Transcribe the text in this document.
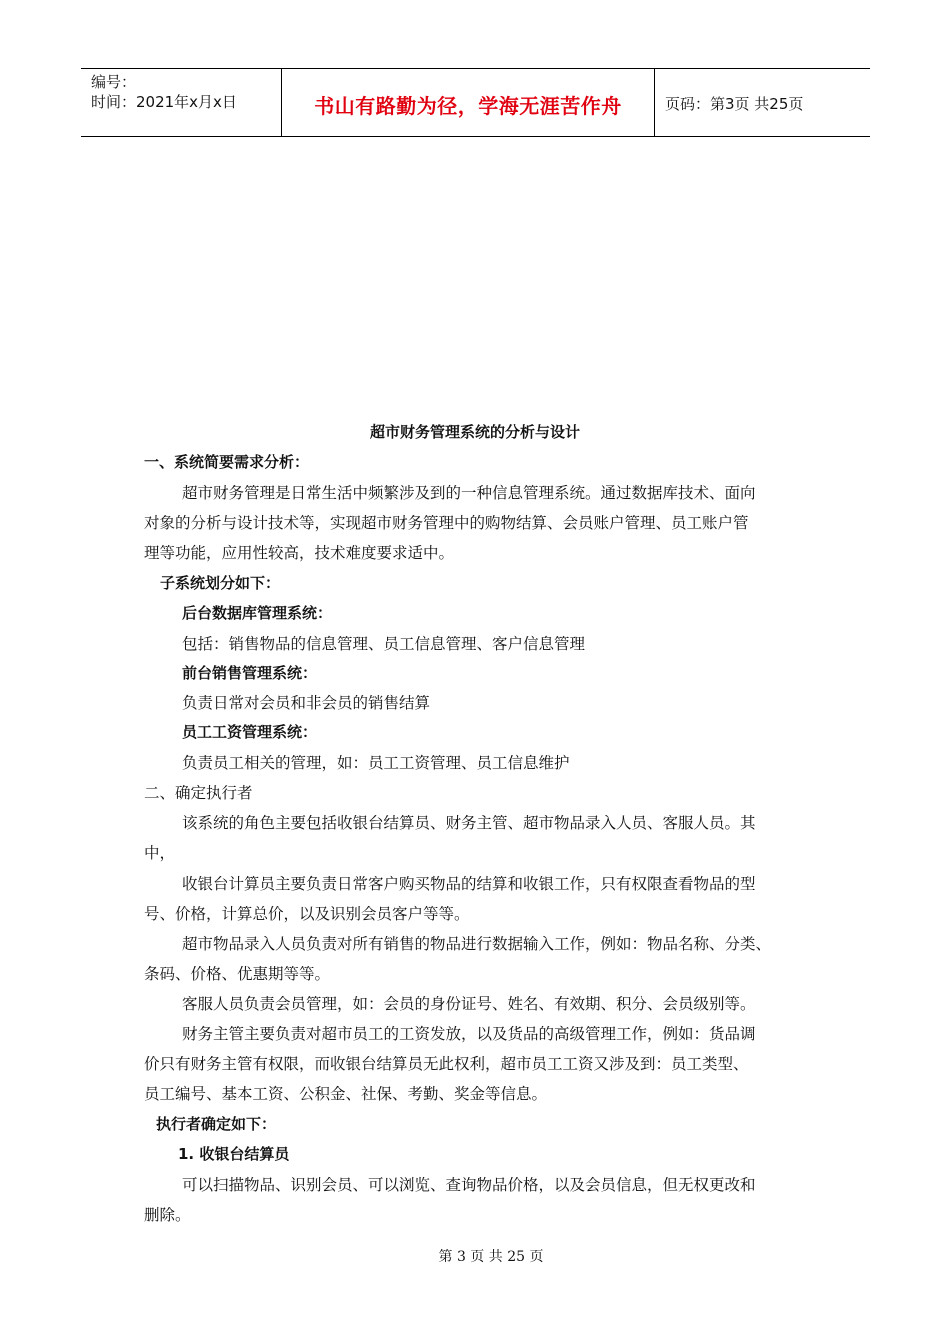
编号：
时间：2021年x月x日	书山有路勤为径，学海无涯苦作舟	页码：第3页 共25页
超市财务管理系统的分析与设计
一、系统简要需求分析：
超市财务管理是日常生活中频繁涉及到的一种信息管理系统。通过数据库技术、面向
对象的分析与设计技术等，实现超市财务管理中的购物结算、会员账户管理、员工账户管
理等功能，应用性较高，技术难度要求适中。
子系统划分如下：
后台数据库管理系统：
包括：销售物品的信息管理、员工信息管理、客户信息管理
前台销售管理系统：
负责日常对会员和非会员的销售结算
员工工资管理系统：
负责员工相关的管理，如：员工工资管理、员工信息维护
二、确定执行者
该系统的角色主要包括收银台结算员、财务主管、超市物品录入人员、客服人员。其
中，
收银台计算员主要负责日常客户购买物品的结算和收银工作，只有权限查看物品的型
号、价格，计算总价，以及识别会员客户等等。
超市物品录入人员负责对所有销售的物品进行数据输入工作，例如：物品名称、分类、
条码、价格、优惠期等等。
客服人员负责会员管理，如：会员的身份证号、姓名、有效期、积分、会员级别等。
财务主管主要负责对超市员工的工资发放，以及货品的高级管理工作，例如：货品调
价只有财务主管有权限，而收银台结算员无此权利，超市员工工资又涉及到：员工类型、
员工编号、基本工资、公积金、社保、考勤、奖金等信息。
执行者确定如下：
1. 收银台结算员
可以扫描物品、识别会员、可以浏览、查询物品价格，以及会员信息，但无权更改和
删除。
第 3 页 共 25 页
